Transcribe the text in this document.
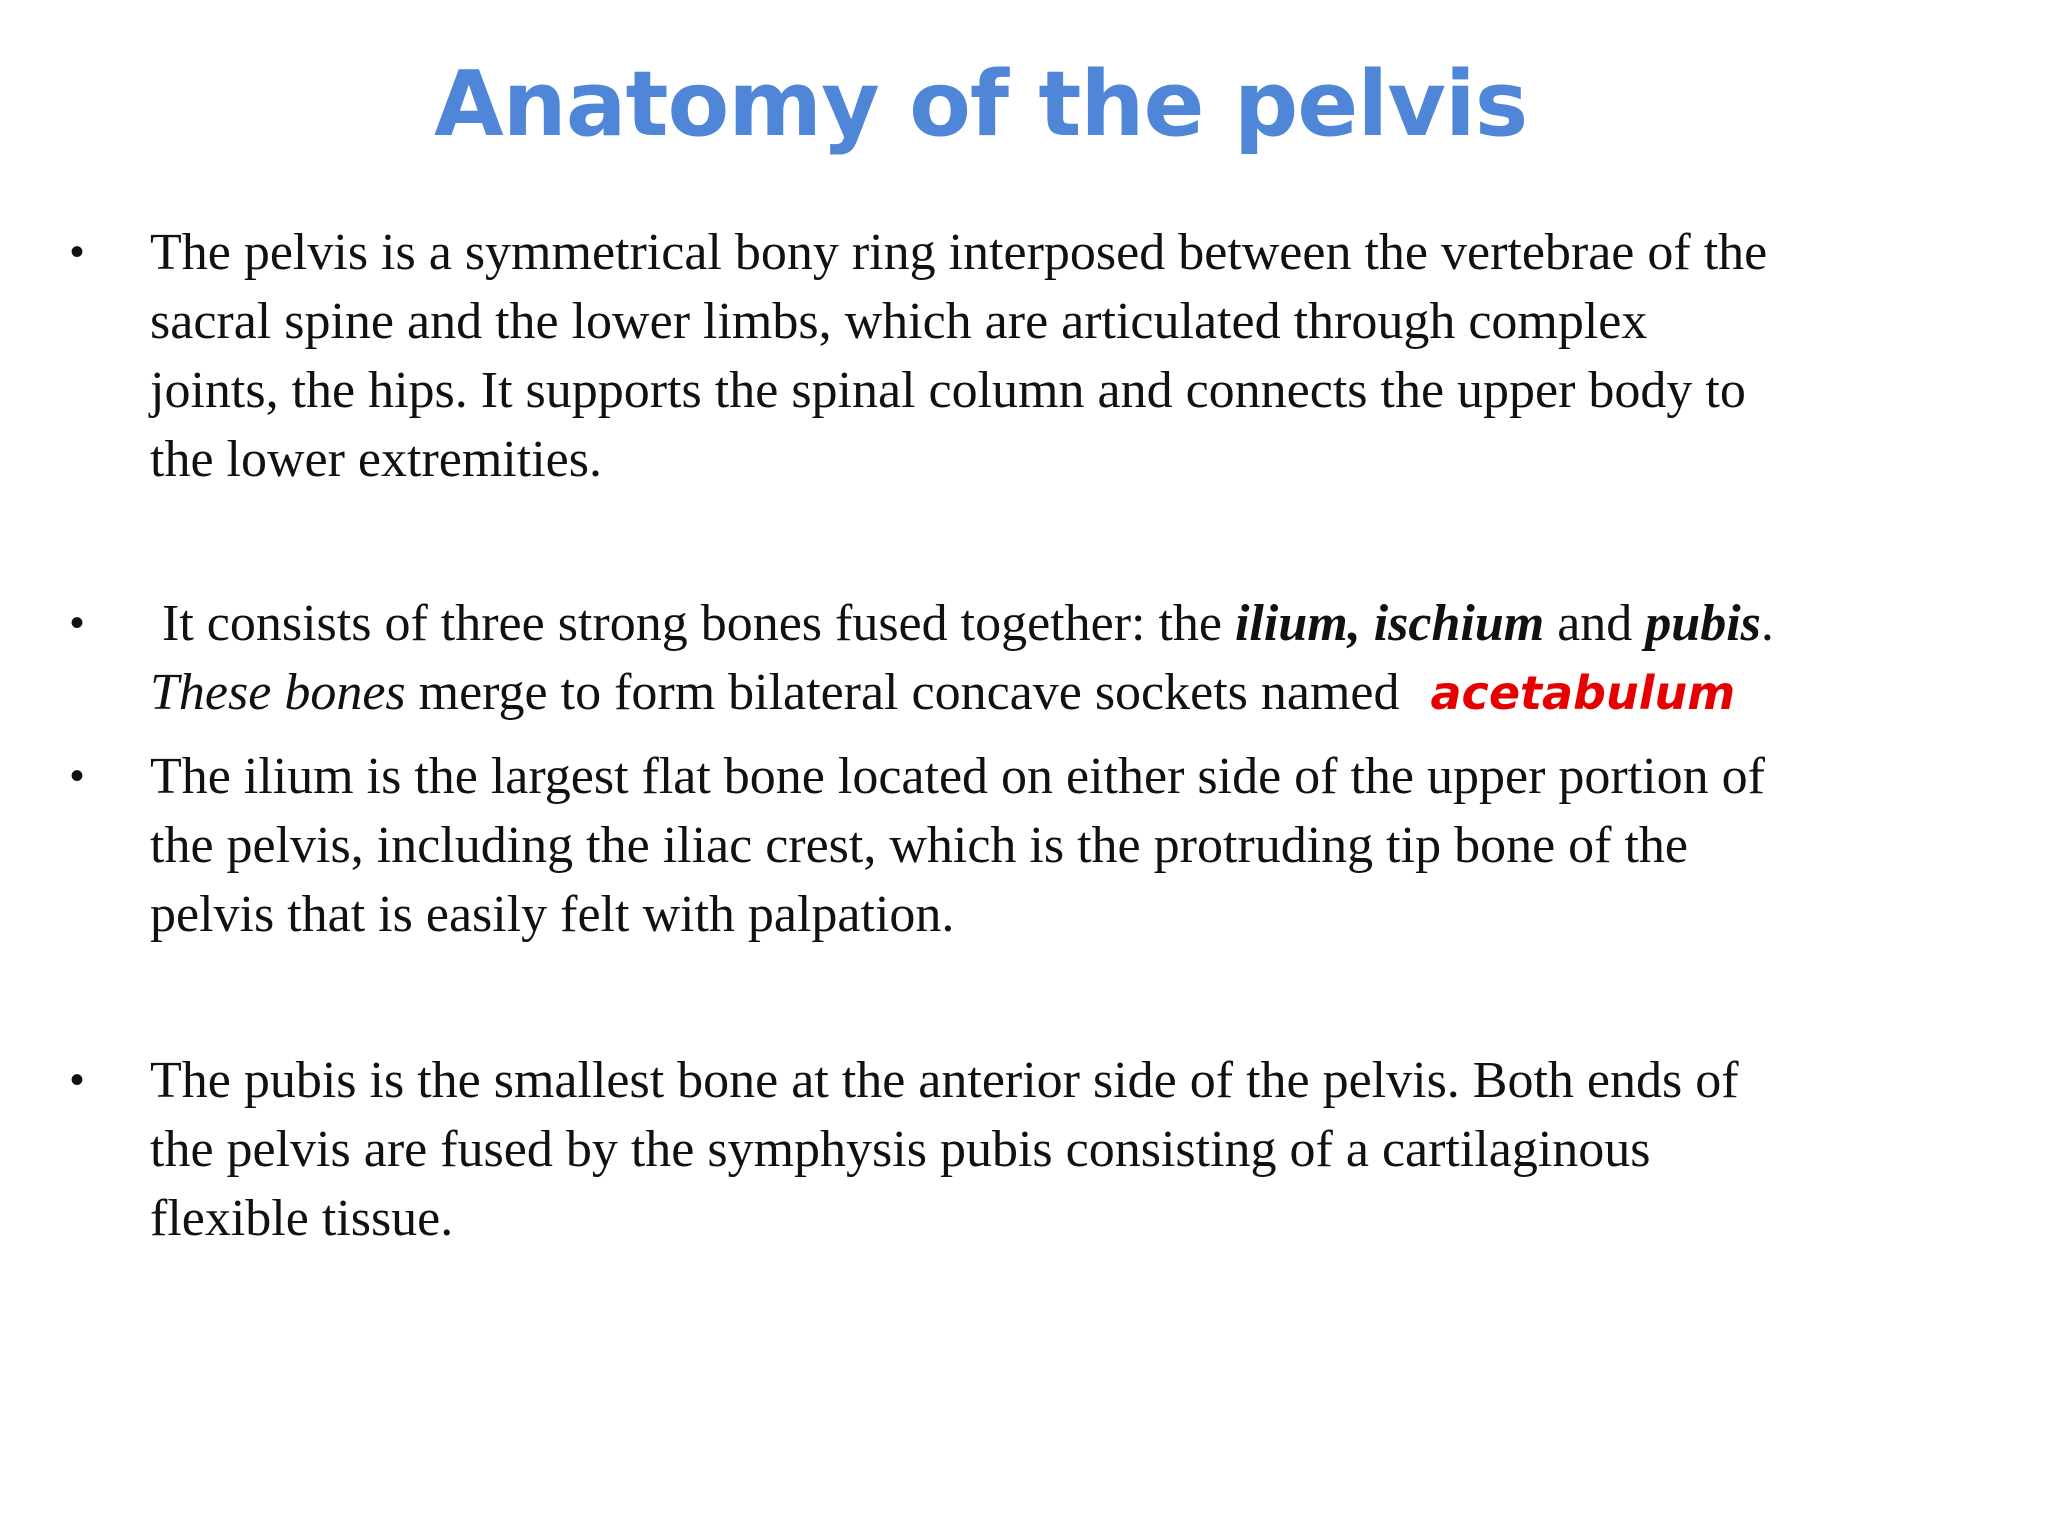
Anatomy of the pelvis
•	The pelvis is a symmetrical bony ring interposed between the vertebrae of the

sacral spine and the lower limbs, which are articulated through complex

joints, the hips. It supports the spinal column and connects the upper body to

the lower extremities.

•	It consists of three strong bones fused together: the ilium, ischium and pubis.

These bones merge to form bilateral concave sockets named acetabulum

•	The ilium is the largest flat bone located on either side of the upper portion of

the pelvis, including the iliac crest, which is the protruding tip bone of the

pelvis that is easily felt with palpation.

•	The pubis is the smallest bone at the anterior side of the pelvis. Both ends of

the pelvis are fused by the symphysis pubis consisting of a cartilaginous

flexible tissue.
